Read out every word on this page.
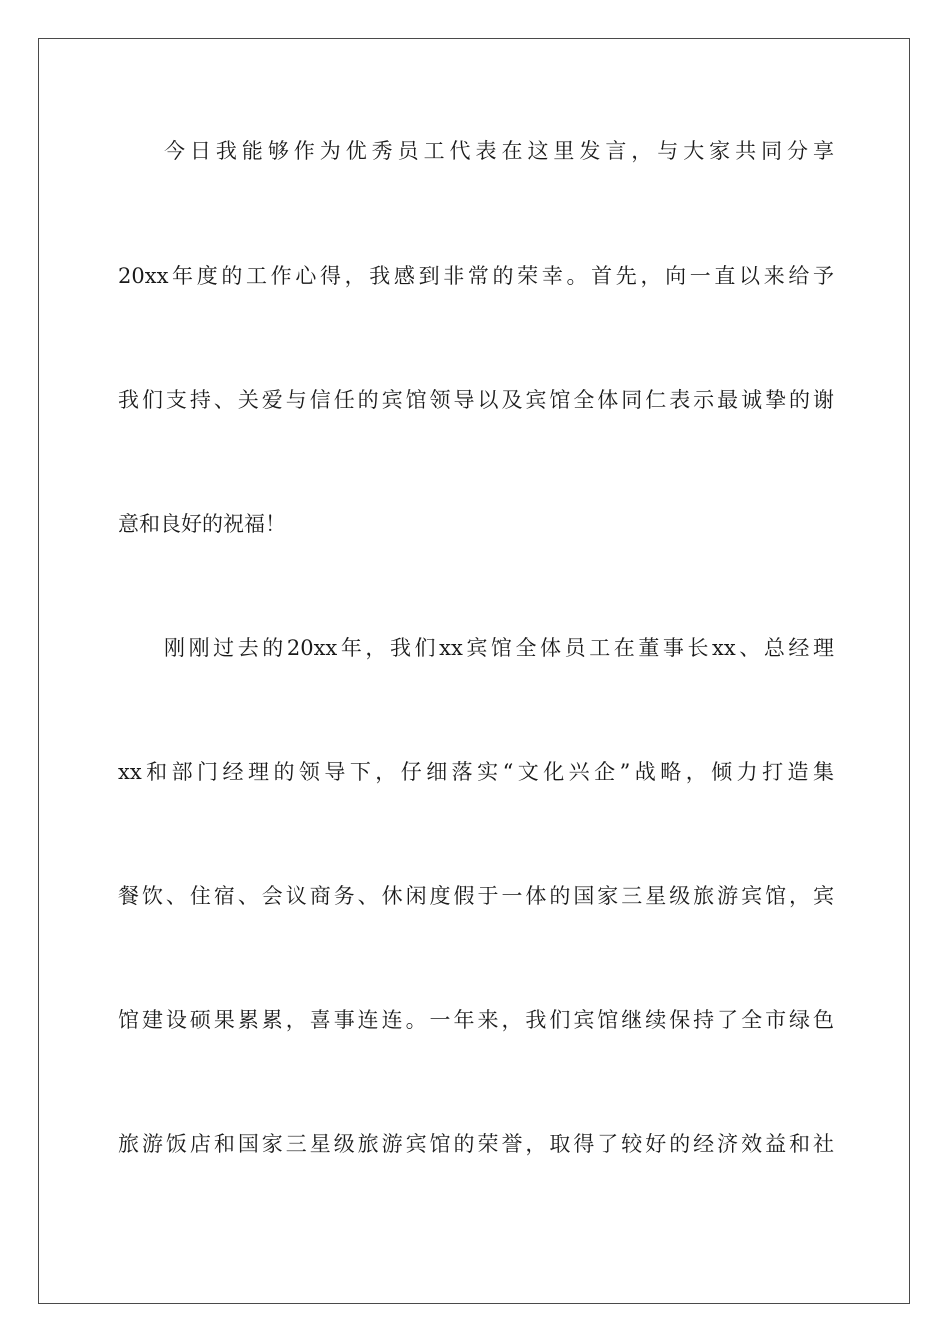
今日我能够作为优秀员工代表在这里发言，与大家共同分享
20xx年度的工作心得，我感到非常的荣幸。首先，向一直以来给予
我们支持、关爱与信任的宾馆领导以及宾馆全体同仁表示最诚挚的谢
意和良好的祝福！
刚刚过去的20xx年，我们xx宾馆全体员工在董事长xx、总经理
xx和部门经理的领导下，仔细落实“文化兴企”战略，倾力打造集
餐饮、住宿、会议商务、休闲度假于一体的国家三星级旅游宾馆，宾
馆建设硕果累累，喜事连连。一年来，我们宾馆继续保持了全市绿色
旅游饭店和国家三星级旅游宾馆的荣誉，取得了较好的经济效益和社
